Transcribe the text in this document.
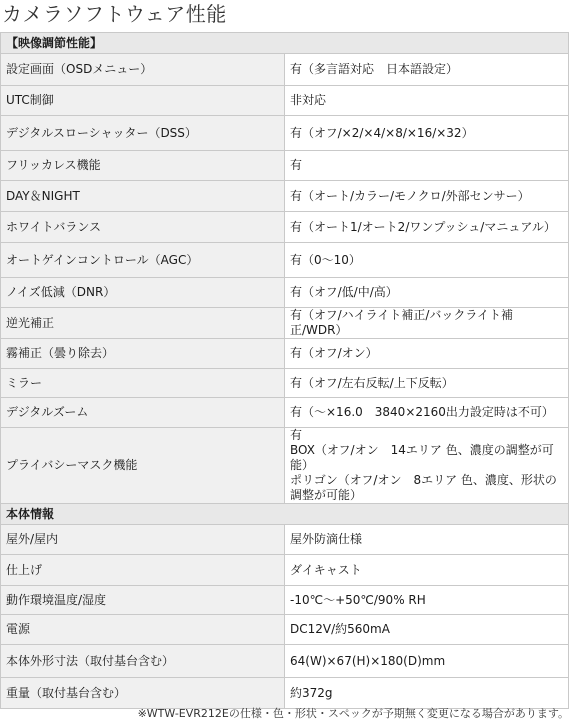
カメラソフトウェア性能
【映像調節性能】	
設定画面（OSDメニュー）	有（多言語対応　日本語設定）
UTC制御	非対応
デジタルスローシャッター（DSS）	有（オフ/×2/×4/×8/×16/×32）
フリッカレス機能	有
DAY＆NIGHT	有（オート/カラー/モノクロ/外部センサー）
ホワイトバランス	有（オート1/オート2/ワンプッシュ/マニュアル）
オートゲインコントロール（AGC）	有（0～10）
ノイズ低減（DNR）	有（オフ/低/中/高）
逆光補正	有（オフ/ハイライト補正/バックライト補正/WDR）
霧補正（曇り除去）	有（オフ/オン）
ミラー	有（オフ/左右反転/上下反転）
デジタルズーム	有（～×16.0　3840×2160出力設定時は不可）
プライバシーマスク機能	有
BOX（オフ/オン　14エリア 色、濃度の調整が可能）
ポリゴン（オフ/オン　8エリア 色、濃度、形状の調整が可能）
本体情報	
屋外/屋内	屋外防滴仕様
仕上げ	ダイキャスト
動作環境温度/湿度	-10℃～+50℃/90% RH
電源	DC12V/約560mA
本体外形寸法（取付基台含む）	64(W)×67(H)×180(D)mm
重量（取付基台含む）	約372g
※WTW-EVR212Eの仕様・色・形状・スペックが予期無く変更になる場合があります。
